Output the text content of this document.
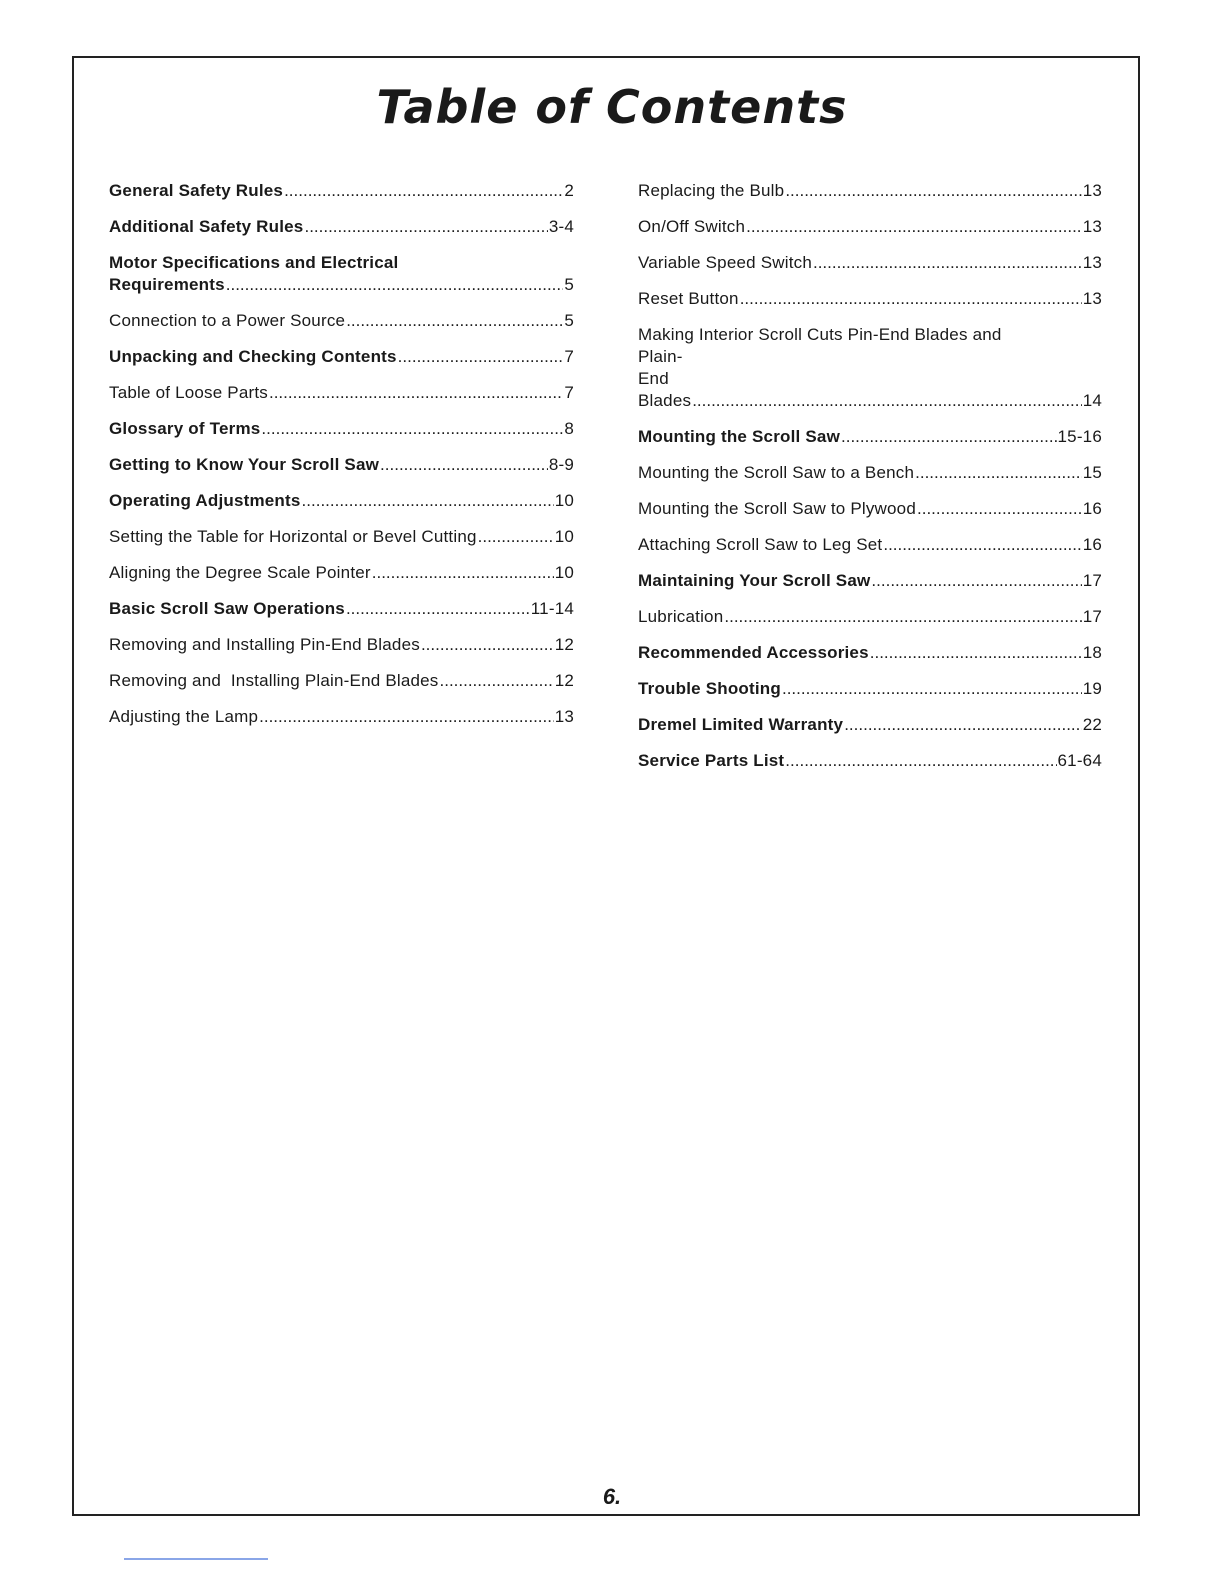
Table of Contents
General Safety Rules .....	2
Additional Safety Rules .....	3-4
Motor Specifications and Electrical
Requirements .....	5
Connection to a Power Source .....	5
Unpacking and Checking Contents .....	7
Table of Loose Parts .....	7
Glossary of Terms .....	8
Getting to Know Your Scroll Saw .....	8-9
Operating Adjustments .....	10
Setting the Table for Horizontal or Bevel Cutting .....	10
Aligning the Degree Scale Pointer .....	10
Basic Scroll Saw Operations .....	11-14
Removing and Installing Pin-End Blades .....	12
Removing and  Installing Plain-End Blades .....	12
Adjusting the Lamp .....	13
Replacing the Bulb .....	13
On/Off Switch .....	13
Variable Speed Switch .....	13
Reset Button .....	13
Making Interior Scroll Cuts Pin-End Blades and
Plain-End Blades .....	14
Mounting the Scroll Saw .....	15-16
Mounting the Scroll Saw to a Bench .....	15
Mounting the Scroll Saw to Plywood .....	16
Attaching Scroll Saw to Leg Set .....	16
Maintaining Your Scroll Saw .....	17
Lubrication .....	17
Recommended Accessories .....	18
Trouble Shooting .....	19
Dremel Limited Warranty .....	22
Service Parts List .....	61-64
6.
